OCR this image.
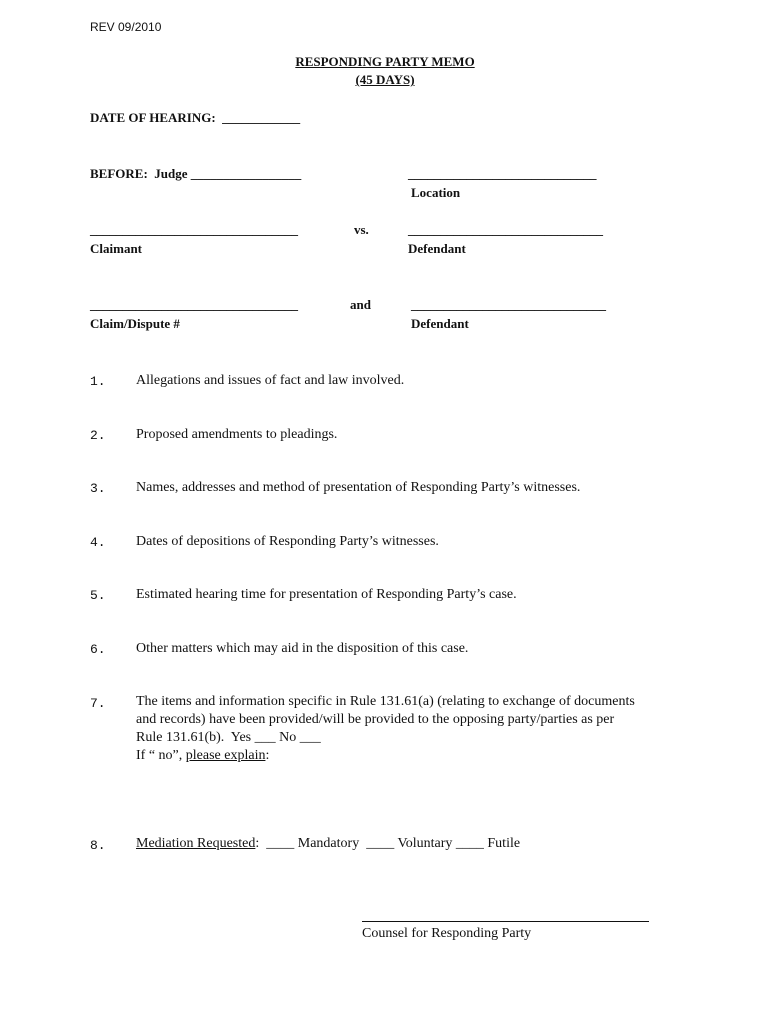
REV 09/2010
RESPONDING PARTY MEMO
(45 DAYS)
DATE OF HEARING:  ____________
BEFORE:  Judge _________________	_____________________________
Location
________________________________	vs.	______________________________
Claimant	Defendant
________________________________	and	______________________________
Claim/Dispute #	Defendant
1. Allegations and issues of fact and law involved.
2. Proposed amendments to pleadings.
3. Names, addresses and method of presentation of Responding Party’s witnesses.
4. Dates of depositions of Responding Party’s witnesses.
5. Estimated hearing time for presentation of Responding Party’s case.
6. Other matters which may aid in the disposition of this case.
7. The items and information specific in Rule 131.61(a) (relating to exchange of documents
and records) have been provided/will be provided to the opposing party/parties as per
Rule 131.61(b).  Yes ___ No ___
If “ no”, please explain:
8. Mediation Requested:  ____ Mandatory  ____ Voluntary ____ Futile
Counsel for Responding Party
